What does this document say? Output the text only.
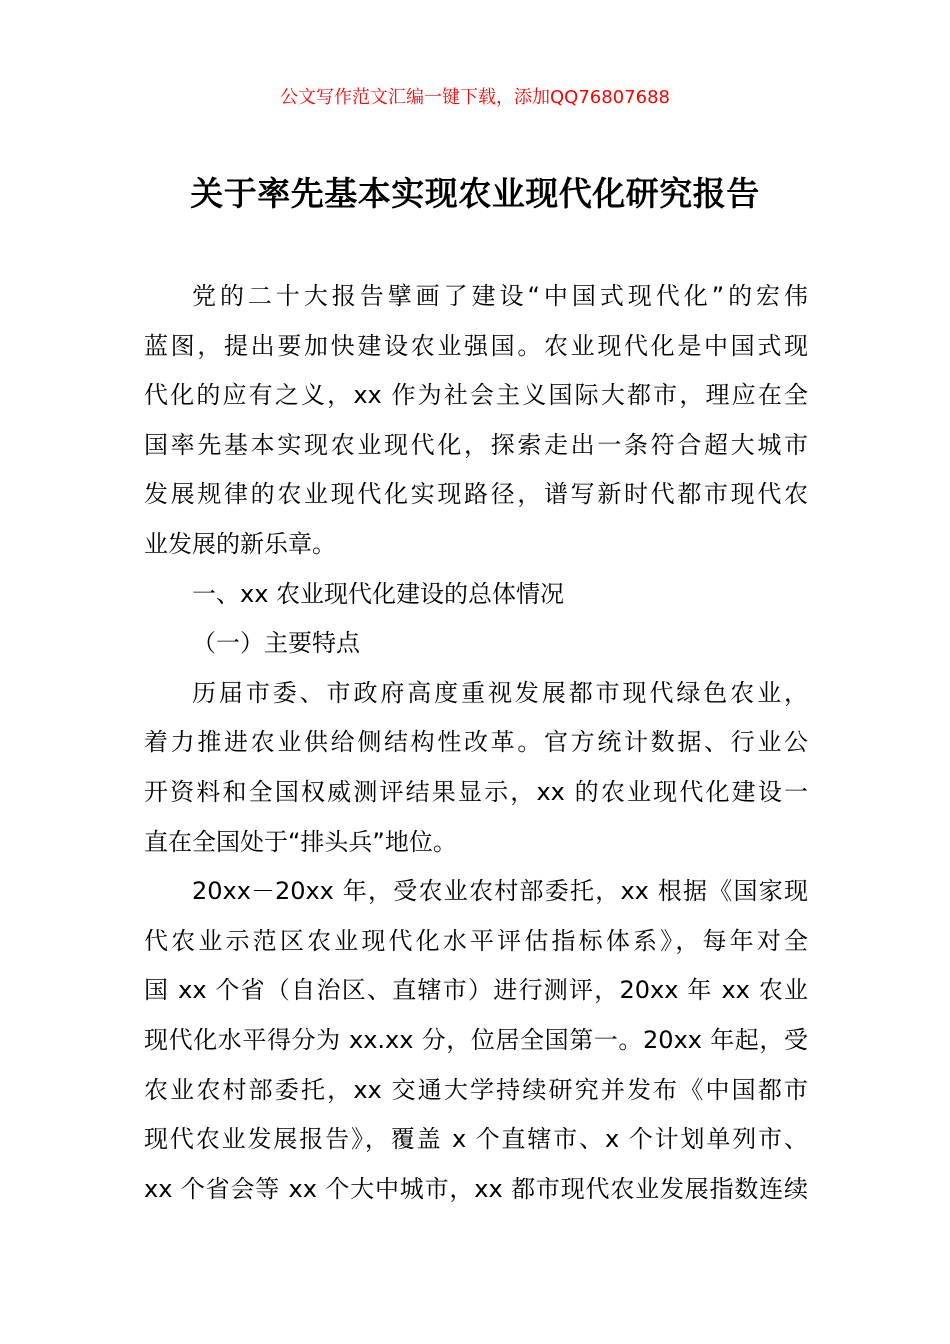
公文写作范文汇编一键下载，添加QQ76807688
关于率先基本实现农业现代化研究报告
党的二十大报告擘画了建设“中国式现代化”的宏伟
蓝图，提出要加快建设农业强国。农业现代化是中国式现
代化的应有之义，xx 作为社会主义国际大都市，理应在全
国率先基本实现农业现代化，探索走出一条符合超大城市
发展规律的农业现代化实现路径，谱写新时代都市现代农
业发展的新乐章。
一、xx 农业现代化建设的总体情况
（一）主要特点
历届市委、市政府高度重视发展都市现代绿色农业，
着力推进农业供给侧结构性改革。官方统计数据、行业公
开资料和全国权威测评结果显示，xx 的农业现代化建设一
直在全国处于“排头兵”地位。
20xx－20xx 年，受农业农村部委托，xx 根据《国家现
代农业示范区农业现代化水平评估指标体系》，每年对全
国 xx 个省（自治区、直辖市）进行测评，20xx 年 xx 农业
现代化水平得分为 xx.xx 分，位居全国第一。20xx 年起，受
农业农村部委托，xx 交通大学持续研究并发布《中国都市
现代农业发展报告》，覆盖 x 个直辖市、x 个计划单列市、
xx 个省会等 xx 个大中城市，xx 都市现代农业发展指数连续
